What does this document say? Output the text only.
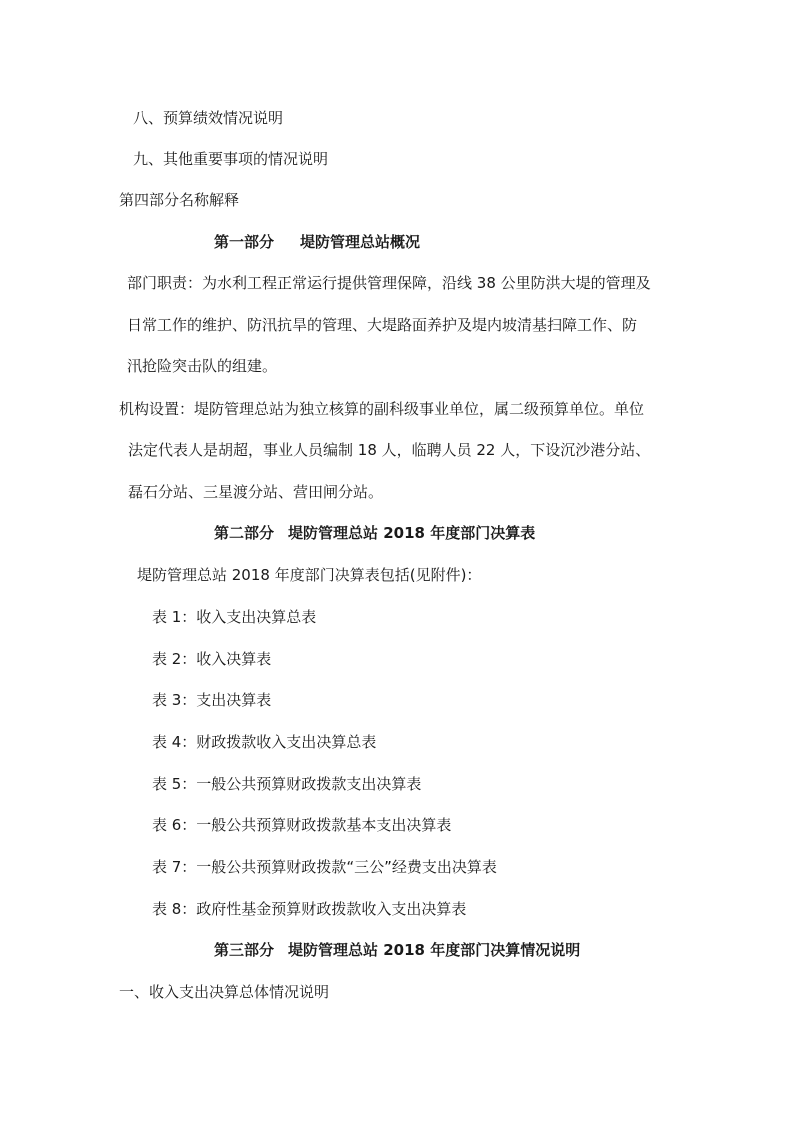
八、预算绩效情况说明
九、其他重要事项的情况说明
第四部分名称解释
第一部分 堤防管理总站概况
部门职责：为水利工程正常运行提供管理保障，沿线 38 公里防洪大堤的管理及
日常工作的维护、防汛抗旱的管理、大堤路面养护及堤内坡清基扫障工作、防
汛抢险突击队的组建。
机构设置：堤防管理总站为独立核算的副科级事业单位，属二级预算单位。单位
法定代表人是胡超，事业人员编制 18 人，临聘人员 22 人，下设沉沙港分站、
磊石分站、三星渡分站、营田闸分站。
第二部分 堤防管理总站 2018 年度部门决算表
堤防管理总站 2018 年度部门决算表包括(见附件)：
表 1：收入支出决算总表
表 2：收入决算表
表 3：支出决算表
表 4：财政拨款收入支出决算总表
表 5：一般公共预算财政拨款支出决算表
表 6：一般公共预算财政拨款基本支出决算表
表 7：一般公共预算财政拨款“三公”经费支出决算表
表 8：政府性基金预算财政拨款收入支出决算表
第三部分 堤防管理总站 2018 年度部门决算情况说明
一、收入支出决算总体情况说明
